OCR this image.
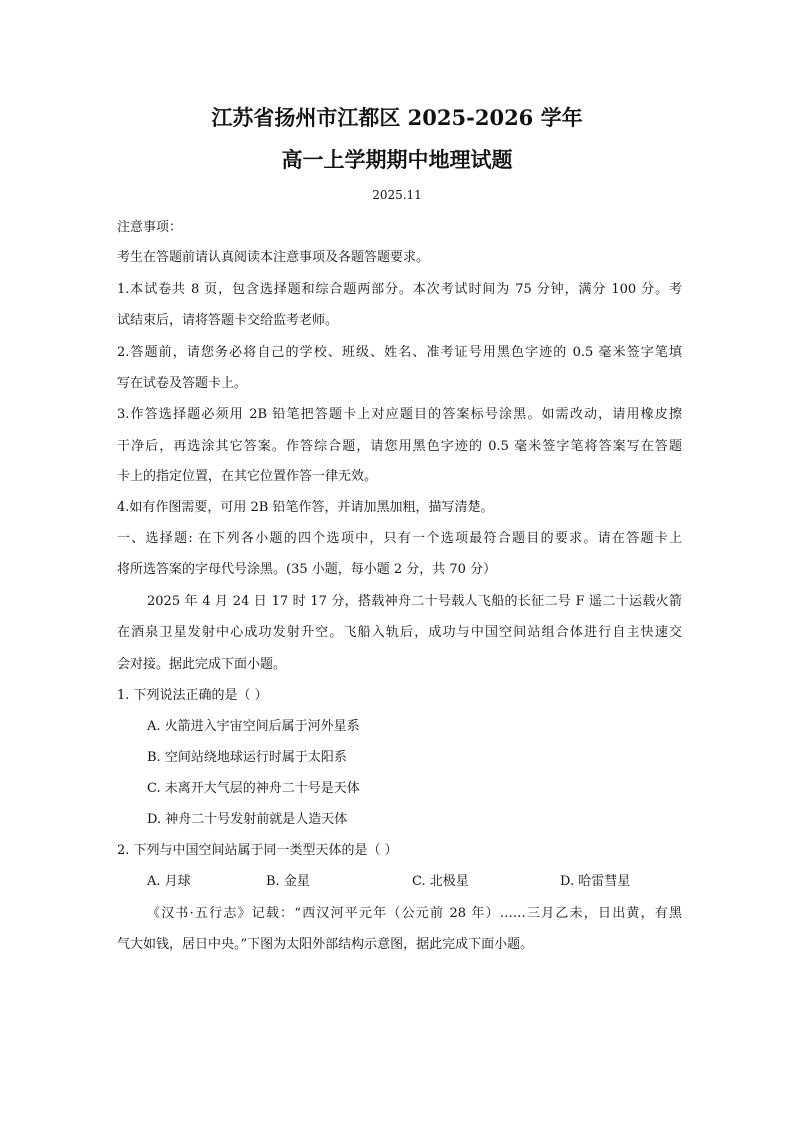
江苏省扬州市江都区 2025-2026 学年
高一上学期期中地理试题
2025.11
注意事项：
考生在答题前请认真阅读本注意事项及各题答题要求。
1.本试卷共 8 页，包含选择题和综合题两部分。本次考试时间为 75 分钟，满分 100 分。考
试结束后，请将答题卡交给监考老师。
2.答题前，请您务必将自己的学校、班级、姓名、准考证号用黑色字迹的 0.5 毫米签字笔填
写在试卷及答题卡上。
3.作答选择题必须用 2B 铅笔把答题卡上对应题目的答案标号涂黑。如需改动，请用橡皮擦
干净后，再选涂其它答案。作答综合题，请您用黑色字迹的 0.5 毫米签字笔将答案写在答题
卡上的指定位置，在其它位置作答一律无效。
4.如有作图需要，可用 2B 铅笔作答，并请加黑加粗，描写清楚。
一、选择题: 在下列各小题的四个选项中，只有一个选项最符合题目的要求。请在答题卡上
将所选答案的字母代号涂黑。(35 小题，每小题 2 分，共 70 分）
2025 年 4 月 24 日 17 时 17 分，搭载神舟二十号载人飞船的长征二号 F 遥二十运载火箭
在酒泉卫星发射中心成功发射升空。飞船入轨后，成功与中国空间站组合体进行自主快速交
会对接。据此完成下面小题。
1. 下列说法正确的是（ ）
A. 火箭进入宇宙空间后属于河外星系
B. 空间站绕地球运行时属于太阳系
C. 未离开大气层的神舟二十号是天体
D. 神舟二十号发射前就是人造天体
2. 下列与中国空间站属于同一类型天体的是（ ）
A. 月球	B. 金星	C. 北极星	D. 哈雷彗星
《汉书·五行志》记载：“西汉河平元年（公元前 28 年）……三月乙未，日出黄，有黑
气大如钱，居日中央。”下图为太阳外部结构示意图，据此完成下面小题。
